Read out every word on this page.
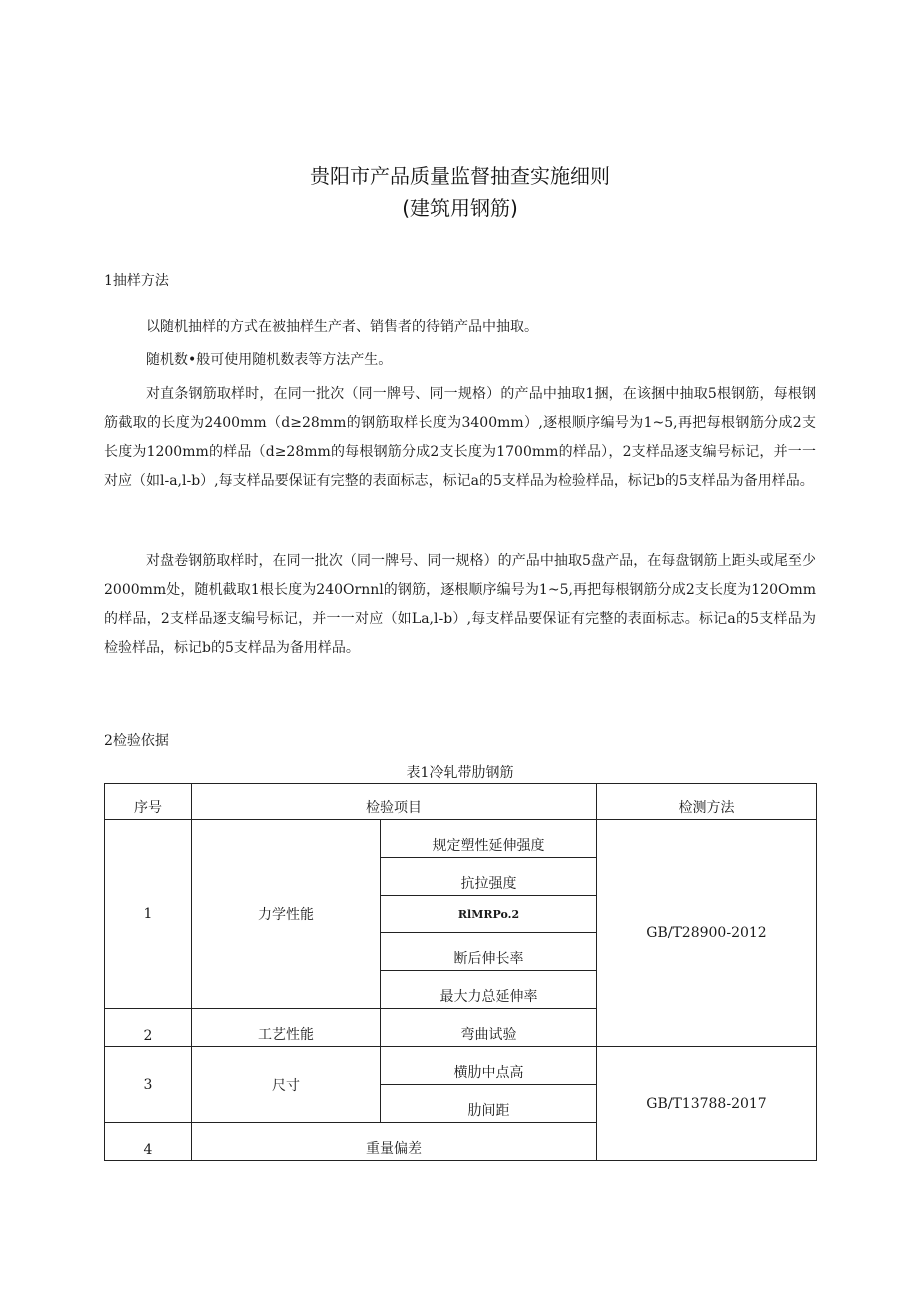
贵阳市产品质量监督抽查实施细则
(建筑用钢筋)
1抽样方法

以随机抽样的方式在被抽样生产者、销售者的待销产品中抽取。

随机数•般可使用随机数表等方法产生。

对直条钢筋取样时，在同一批次（同一牌号、同一规格）的产品中抽取1捆，在该捆中抽取5根钢筋，每根钢筋截取的长度为2400mm（d≥28mm的钢筋取样长度为3400mm）,逐根顺序编号为1~5,再把每根钢筋分成2支长度为1200mm的样品（d≥28mm的每根钢筋分成2支长度为1700mm的样品），2支样品逐支编号标记，并一一对应（如l-a,l-b）,每支样品要保证有完整的表面标志，标记a的5支样品为检验样品，标记b的5支样品为备用样品。

对盘卷钢筋取样时，在同一批次（同一牌号、同一规格）的产品中抽取5盘产品，在每盘钢筋上距头或尾至少2000mm处，随机截取1根长度为240Ornnl的钢筋，逐根顺序编号为1~5,再把每根钢筋分成2支长度为120Omm的样品，2支样品逐支编号标记，并一一对应（如La,l-b）,每支样品要保证有完整的表面标志。标记a的5支样品为检验样品，标记b的5支样品为备用样品。

2检验依据
表1冷轧带肋钢筋
序号	检验项目		检测方法
1	力学性能	规定塑性延伸强度	GB/T28900-2012
		抗拉强度	
		RlMRPo.2	
		断后伸长率	
		最大力总延伸率	
2	工艺性能	弯曲试验	
3	尺寸	横肋中点高	GB/T13788-2017
		肋间距	
4	重量偏差		
